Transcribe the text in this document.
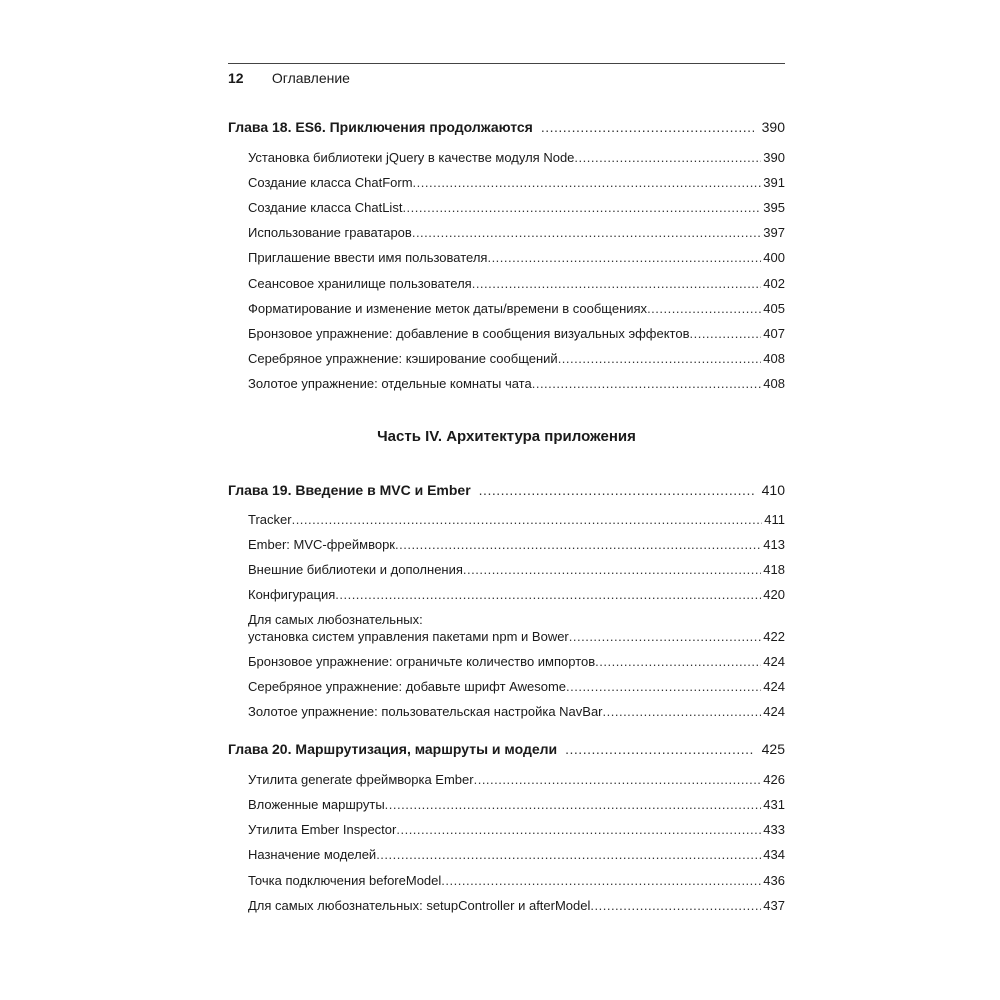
12 Оглавление
Глава 18. ES6. Приключения продолжаются .....	390
Установка библиотеки jQuery в качестве модуля Node .....	390
Создание класса ChatForm .....	391
Создание класса ChatList .....	395
Использование граватаров .....	397
Приглашение ввести имя пользователя .....	400
Сеансовое хранилище пользователя .....	402
Форматирование и изменение меток даты/времени в сообщениях .....	405
Бронзовое упражнение: добавление в сообщения визуальных эффектов .....	407
Серебряное упражнение: кэширование сообщений .....	408
Золотое упражнение: отдельные комнаты чата .....	408
Часть IV. Архитектура приложения
Глава 19. Введение в MVC и Ember .....	410
Tracker .....	411
Ember: MVC-фреймворк .....	413
Внешние библиотеки и дополнения .....	418
Конфигурация .....	420
Для самых любознательных:
установка систем управления пакетами npm и Bower .....	422
Бронзовое упражнение: ограничьте количество импортов .....	424
Серебряное упражнение: добавьте шрифт Awesome .....	424
Золотое упражнение: пользовательская настройка NavBar .....	424
Глава 20. Маршрутизация, маршруты и модели .....	425
Утилита generate фреймворка Ember .....	426
Вложенные маршруты .....	431
Утилита Ember Inspector .....	433
Назначение моделей .....	434
Точка подключения beforeModel .....	436
Для самых любознательных: setupController и afterModel .....	437
